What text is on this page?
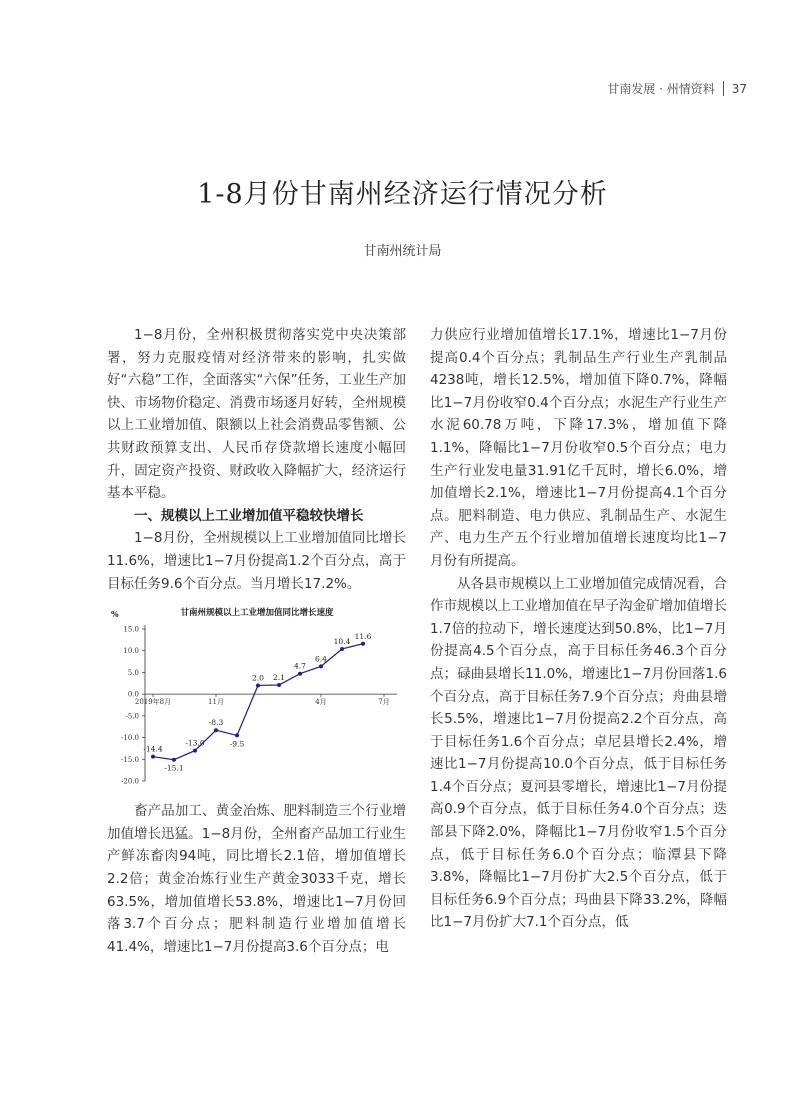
甘南发展 · 州情资料 37
1-8月份甘南州经济运行情况分析
甘南州统计局

1−8月份，全州积极贯彻落实党中央决策部署，努力克服疫情对经济带来的影响，扎实做好“六稳”工作，全面落实“六保”任务，工业生产加快、市场物价稳定、消费市场逐月好转，全州规模以上工业增加值、限额以上社会消费品零售额、公共财政预算支出、人民币存贷款增长速度小幅回升，固定资产投资、财政收入降幅扩大，经济运行基本平稳。

一、规模以上工业增加值平稳较快增长

1−8月份，全州规模以上工业增加值同比增长11.6%，增速比1−7月份提高1.2个百分点，高于目标任务9.6个百分点。当月增长17.2%。

%	甘南州规模以上工业增加值同比增长速度
15.0
10.0
5.0
0.0
-5.0
-10.0
-15.0
-20.0
2019年8月	11月	4月	7月
-14.4
-15.1
-13.0
-8.3
-9.5
2.0 2.1
4.7
6.4
10.4
11.6

畜产品加工、黄金冶炼、肥料制造三个行业增加值增长迅猛。1−8月份，全州畜产品加工行业生产鲜冻畜肉94吨，同比增长2.1倍，增加值增长2.2倍；黄金冶炼行业生产黄金3033千克，增长63.5%，增加值增长53.8%，增速比1−7月份回落3.7个百分点；肥料制造行业增加值增长41.4%，增速比1−7月份提高3.6个百分点；电

力供应行业增加值增长17.1%，增速比1−7月份提高0.4个百分点；乳制品生产行业生产乳制品4238吨，增长12.5%，增加值下降0.7%，降幅比1−7月份收窄0.4个百分点；水泥生产行业生产水泥60.78万吨，下降17.3%，增加值下降1.1%，降幅比1−7月份收窄0.5个百分点；电力生产行业发电量31.91亿千瓦时，增长6.0%，增加值增长2.1%，增速比1−7月份提高4.1个百分点。肥料制造、电力供应、乳制品生产、水泥生产、电力生产五个行业增加值增长速度均比1−7月份有所提高。

从各县市规模以上工业增加值完成情况看，合作市规模以上工业增加值在早子沟金矿增加值增长1.7倍的拉动下，增长速度达到50.8%，比1−7月份提高4.5个百分点，高于目标任务46.3个百分点；碌曲县增长11.0%，增速比1−7月份回落1.6个百分点，高于目标任务7.9个百分点；舟曲县增长5.5%，增速比1−7月份提高2.2个百分点，高于目标任务1.6个百分点；卓尼县增长2.4%，增速比1−7月份提高10.0个百分点，低于目标任务1.4个百分点；夏河县零增长，增速比1−7月份提高0.9个百分点，低于目标任务4.0个百分点；迭部县下降2.0%，降幅比1−7月份收窄1.5个百分点，低于目标任务6.0个百分点；临潭县下降3.8%，降幅比1−7月份扩大2.5个百分点，低于目标任务6.9个百分点；玛曲县下降33.2%，降幅比1−7月份扩大7.1个百分点，低
